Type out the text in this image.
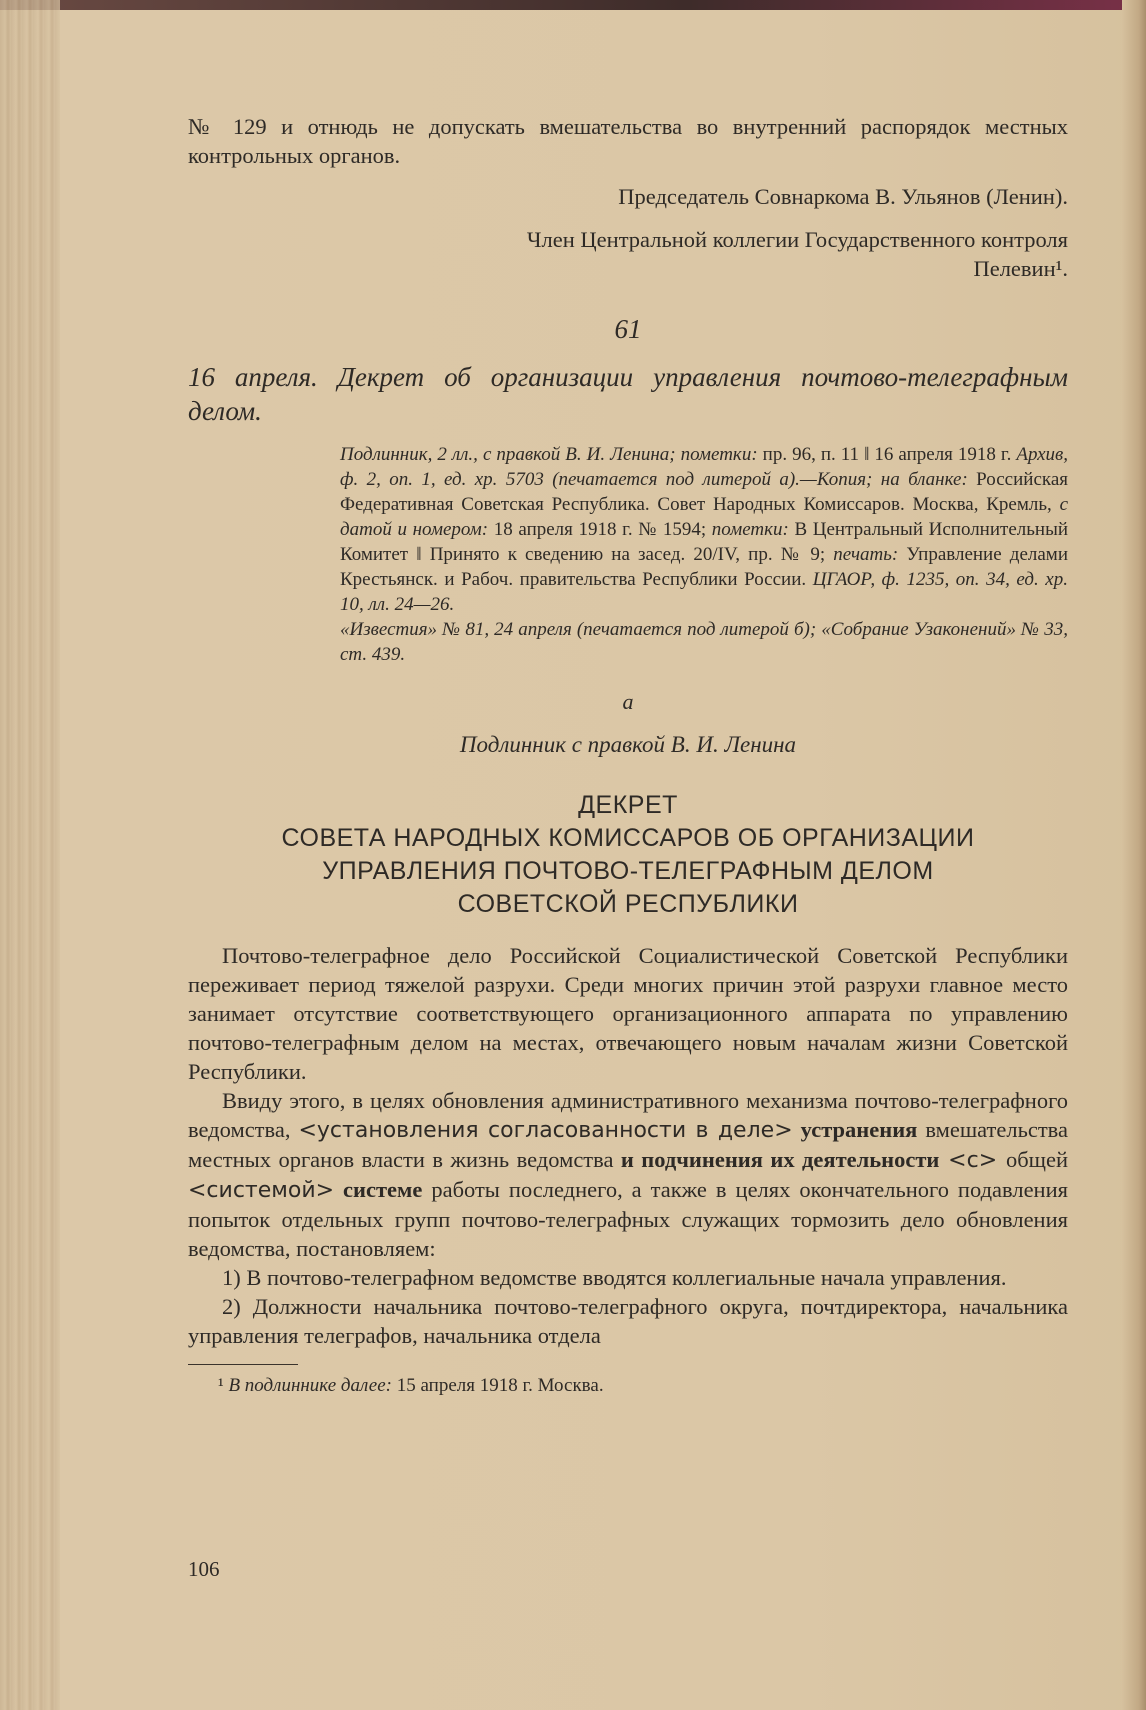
№ 129 и отнюдь не допускать вмешательства во внутренний распорядок местных контрольных органов.

Председатель Совнаркома В. Ульянов (Ленин).

Член Центральной коллегии Государственного контроля

Пелевин¹.

61

16 апреля. Декрет об организации управления почтово-телеграфным делом.

Подлинник, 2 лл., с правкой В. И. Ленина; пометки: пр. 96, п. 11 ‖ 16 апреля 1918 г. Архив, ф. 2, оп. 1, ед. хр. 5703 (печатается под литерой а).—Копия; на бланке: Российская Федеративная Советская Республика. Совет Народных Комиссаров. Москва, Кремль, с датой и номером: 18 апреля 1918 г. № 1594; пометки: В Центральный Исполнительный Комитет ‖ Принято к сведению на засед. 20/IV, пр. № 9; печать: Управление делами Крестьянск. и Рабоч. правительства Республики России. ЦГАОР, ф. 1235, оп. 34, ед. хр. 10, лл. 24—26.

«Известия» № 81, 24 апреля (печатается под литерой б); «Собрание Узаконений» № 33, ст. 439.

а
Подлинник с правкой В. И. Ленина
ДЕКРЕТ
СОВЕТА НАРОДНЫХ КОМИССАРОВ ОБ ОРГАНИЗАЦИИ
УПРАВЛЕНИЯ ПОЧТОВО-ТЕЛЕГРАФНЫМ ДЕЛОМ
СОВЕТСКОЙ РЕСПУБЛИКИ

Почтово-телеграфное дело Российской Социалистической Советской Республики переживает период тяжелой разрухи. Среди многих причин этой разрухи главное место занимает отсутствие соответствующего организационного аппарата по управлению почтово-телеграфным делом на местах, отвечающего новым началам жизни Советской Республики.

Ввиду этого, в целях обновления административного механизма почтово-телеграфного ведомства, <установления согласованности в деле> устранения вмешательства местных органов власти в жизнь ведомства и подчинения их деятельности <с> общей <системой> системе работы последнего, а также в целях окончательного подавления попыток отдельных групп почтово-телеграфных служащих тормозить дело обновления ведомства, постановляем:

1) В почтово-телеграфном ведомстве вводятся коллегиальные начала управления.

2) Должности начальника почтово-телеграфного округа, почтдиректора, начальника управления телеграфов, начальника отдела

¹ В подлиннике далее: 15 апреля 1918 г. Москва.

106
